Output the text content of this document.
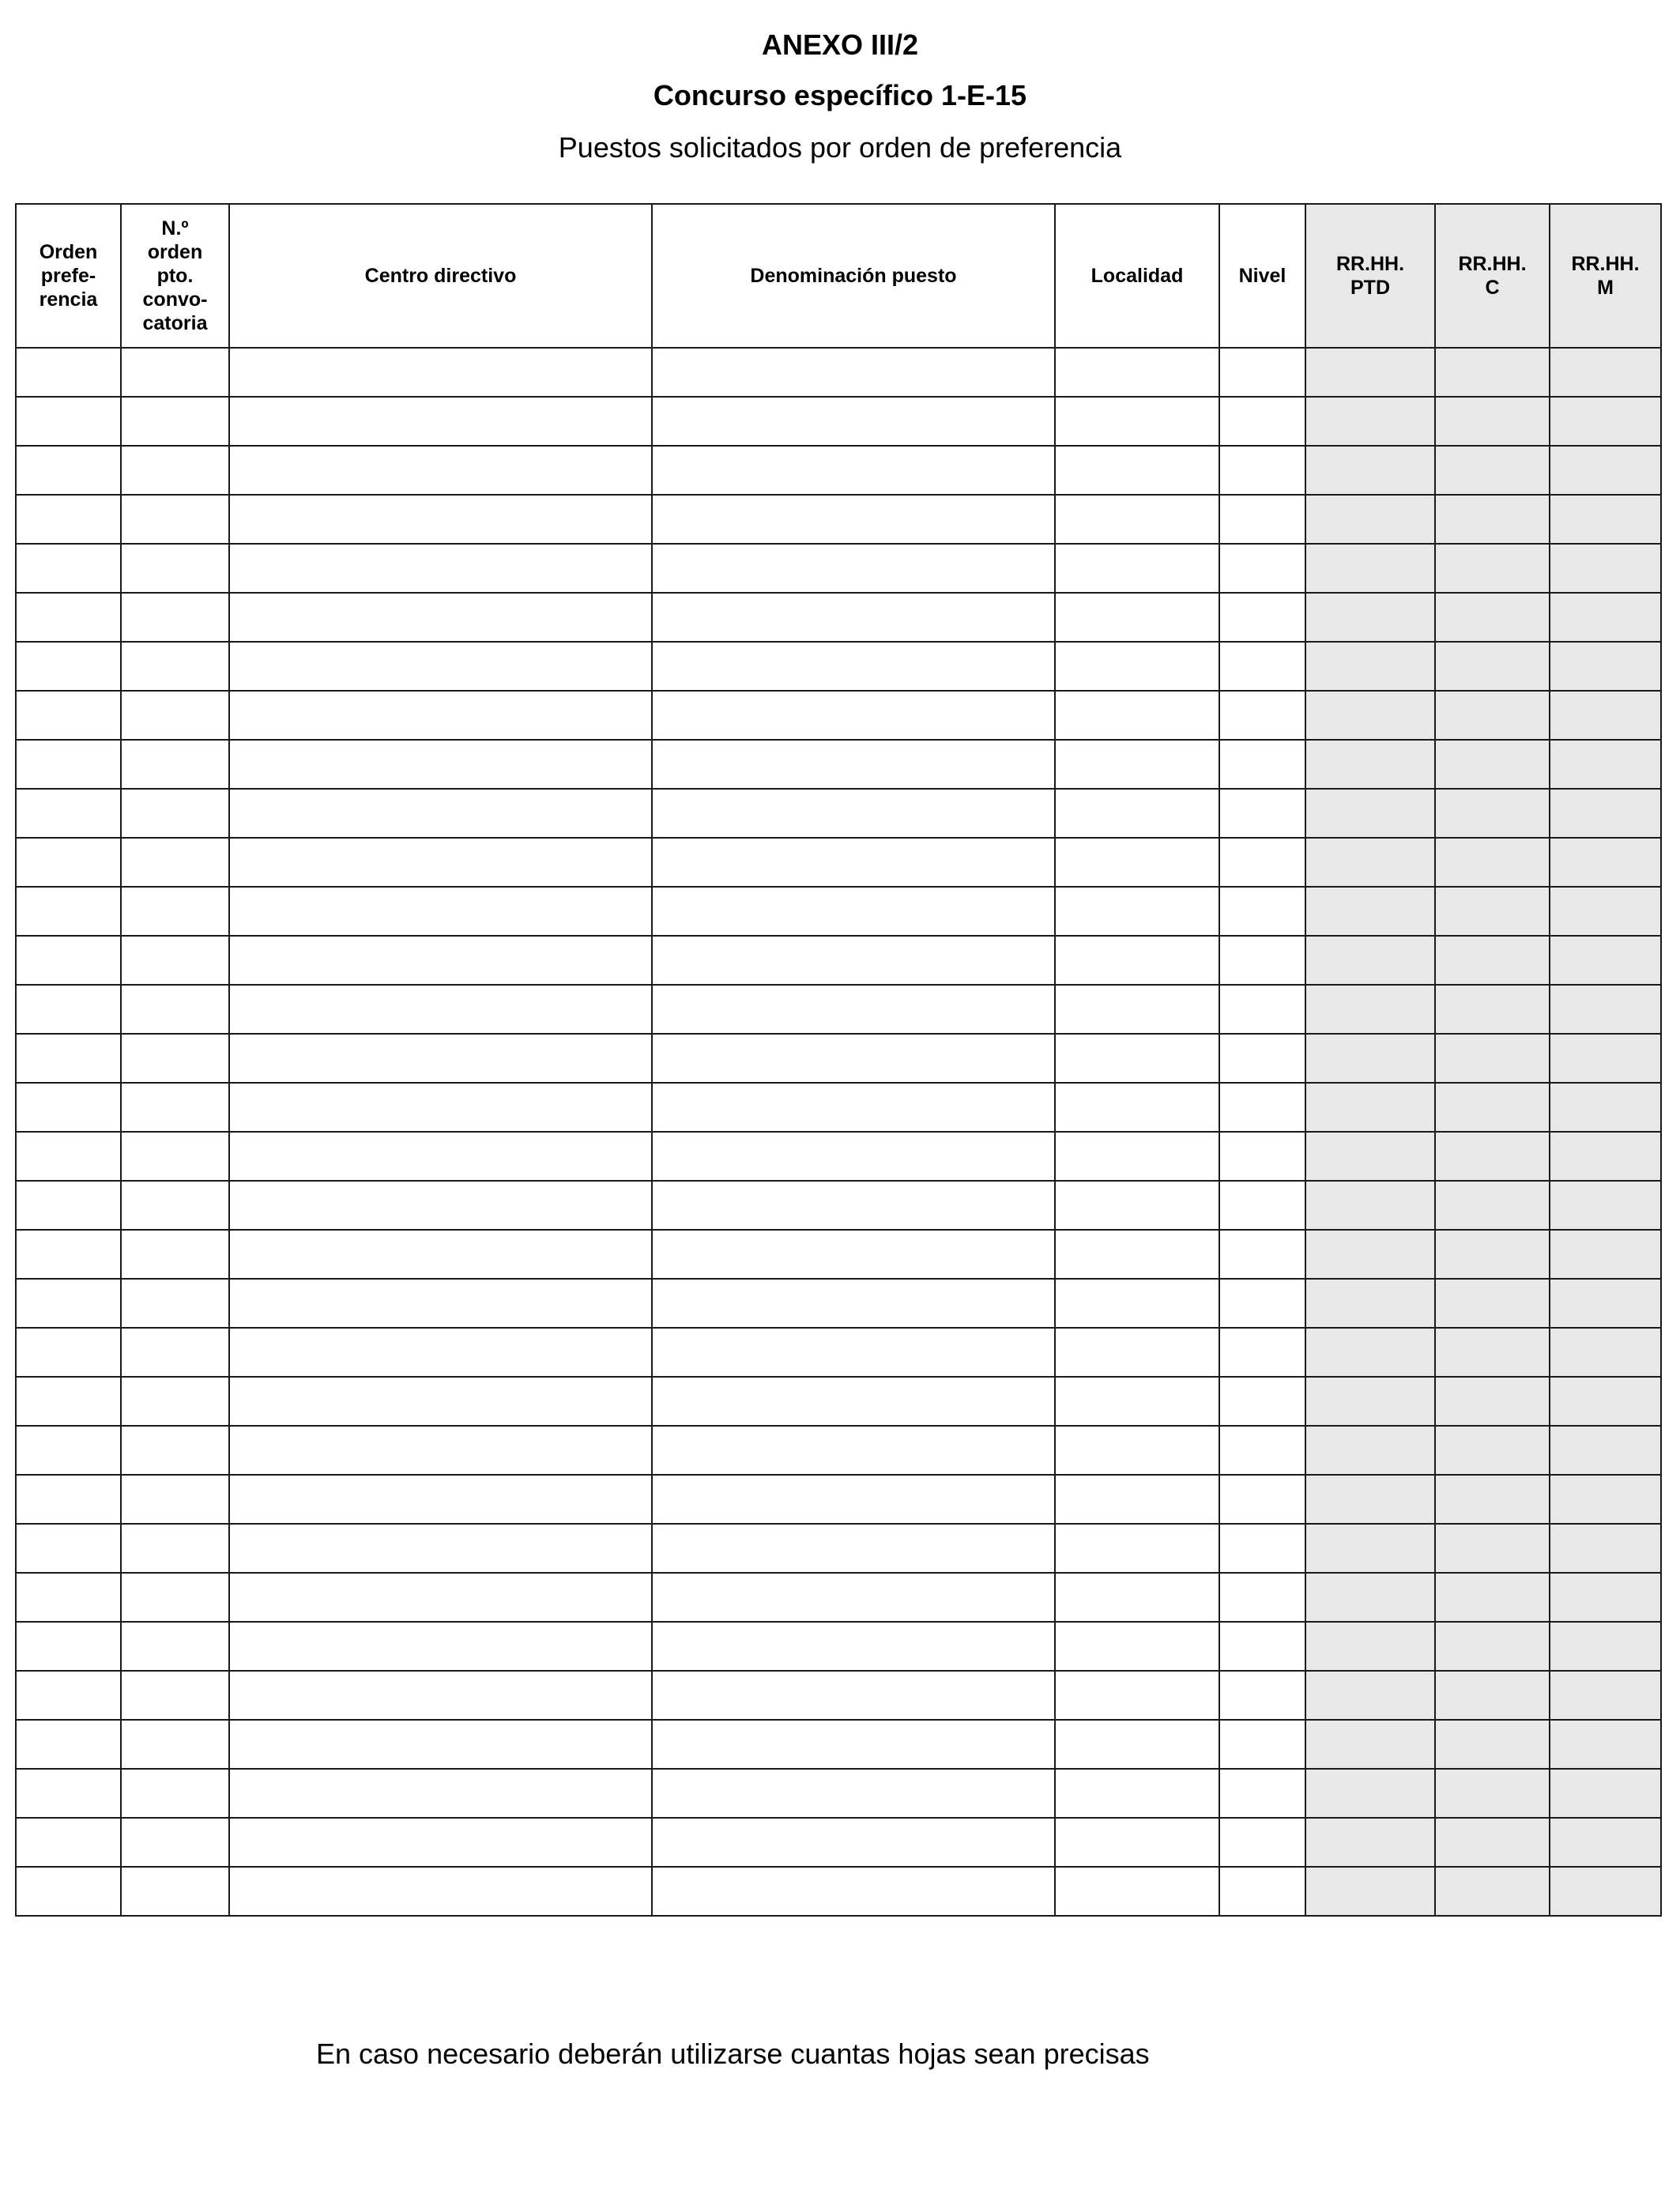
ANEXO III/2
Concurso específico 1-E-15
Puestos solicitados por orden de preferencia
Orden
prefe-
rencia	N.º
orden
pto.
convo-
catoria	Centro directivo	Denominación puesto	Localidad	Nivel	RR.HH.
PTD	RR.HH.
C	RR.HH.
M

En caso necesario deberán utilizarse cuantas hojas sean precisas
